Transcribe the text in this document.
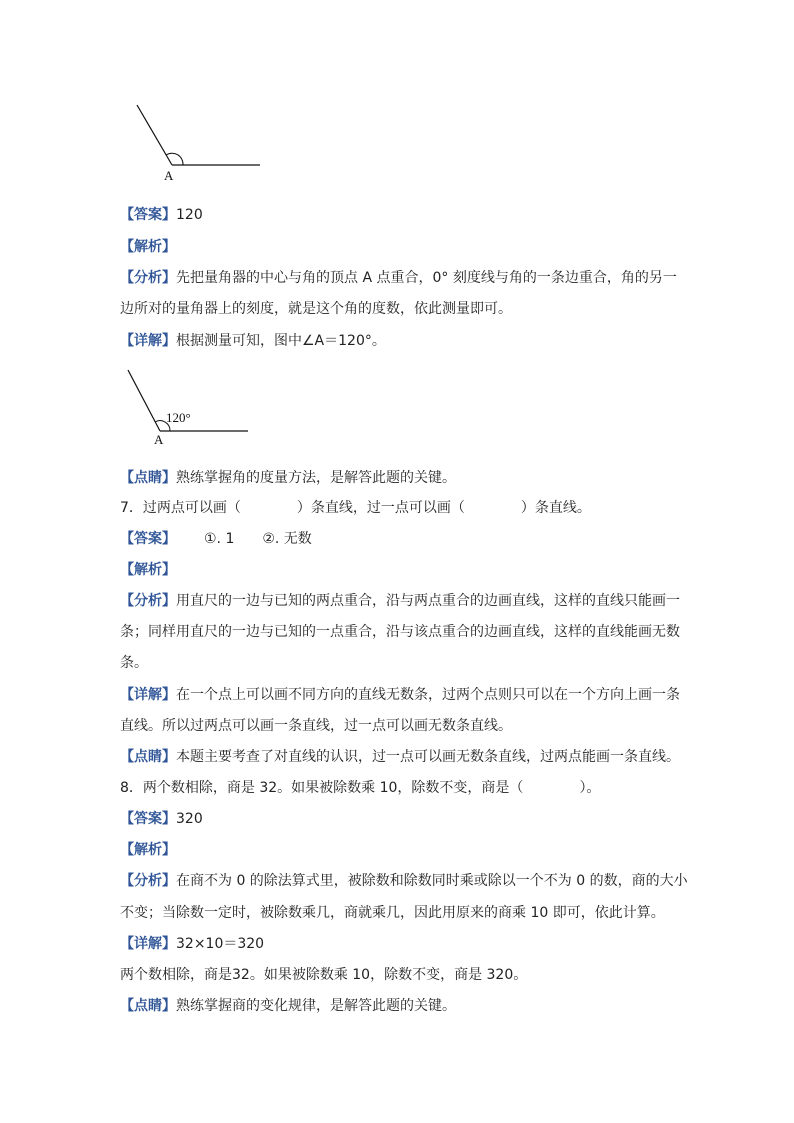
A
【答案】120
【解析】
【分析】先把量角器的中心与角的顶点 A 点重合，0° 刻度线与角的一条边重合，角的另一
边所对的量角器上的刻度，就是这个角的度数，依此测量即可。
【详解】根据测量可知，图中∠A＝120°。
120°
A
【点睛】熟练掌握角的度量方法，是解答此题的关键。
7．过两点可以画（	）条直线，过一点可以画（	）条直线。
【答案】 ①. 1 ②. 无数
【解析】
【分析】用直尺的一边与已知的两点重合，沿与两点重合的边画直线，这样的直线只能画一
条；同样用直尺的一边与已知的一点重合，沿与该点重合的边画直线，这样的直线能画无数
条。
【详解】在一个点上可以画不同方向的直线无数条，过两个点则只可以在一个方向上画一条
直线。所以过两点可以画一条直线，过一点可以画无数条直线。
【点睛】本题主要考查了对直线的认识，过一点可以画无数条直线，过两点能画一条直线。
8．两个数相除，商是 32。如果被除数乘 10，除数不变，商是（	）。
【答案】320
【解析】
【分析】在商不为 0 的除法算式里，被除数和除数同时乘或除以一个不为 0 的数，商的大小
不变；当除数一定时，被除数乘几，商就乘几，因此用原来的商乘 10 即可，依此计算。
【详解】32×10＝320
两个数相除，商是32。如果被除数乘 10，除数不变，商是 320。
【点睛】熟练掌握商的变化规律，是解答此题的关键。
